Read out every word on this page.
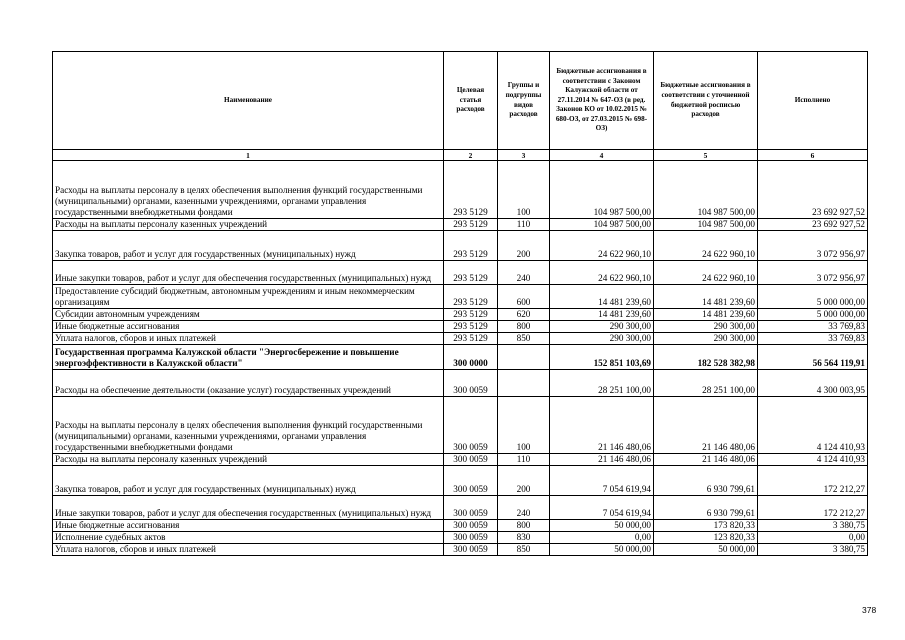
Наименование	Целевая статья расходов	Группы и подгруппы видов расходов	Бюджетные ассигнования в соответствии с Законом Калужской области от 27.11.2014 № 647-ОЗ (в ред. Законов КО от 10.02.2015 № 680-ОЗ, от 27.03.2015 № 698-ОЗ)	Бюджетные ассигнования в соответствии с уточненной бюджетной росписью расходов	Исполнено
1	2	3	4	5	6
Расходы на выплаты персоналу в целях обеспечения выполнения функций государственными (муниципальными) органами, казенными учреждениями, органами управления государственными внебюджетными фондами	293 5129	100	104 987 500,00	104 987 500,00	23 692 927,52
Расходы на выплаты персоналу казенных учреждений	293 5129	110	104 987 500,00	104 987 500,00	23 692 927,52
Закупка товаров, работ и услуг для государственных (муниципальных) нужд	293 5129	200	24 622 960,10	24 622 960,10	3 072 956,97
Иные закупки товаров, работ и услуг для обеспечения государственных (муниципальных) нужд	293 5129	240	24 622 960,10	24 622 960,10	3 072 956,97
Предоставление субсидий бюджетным, автономным учреждениям и иным некоммерческим организациям	293 5129	600	14 481 239,60	14 481 239,60	5 000 000,00
Субсидии автономным учреждениям	293 5129	620	14 481 239,60	14 481 239,60	5 000 000,00
Иные бюджетные ассигнования	293 5129	800	290 300,00	290 300,00	33 769,83
Уплата налогов, сборов и иных платежей	293 5129	850	290 300,00	290 300,00	33 769,83
Государственная программа Калужской области "Энергосбережение и повышение энергоэффективности в Калужской области"	300 0000		152 851 103,69	182 528 382,98	56 564 119,91
Расходы на обеспечение деятельности (оказание услуг) государственных учреждений	300 0059		28 251 100,00	28 251 100,00	4 300 003,95
Расходы на выплаты персоналу в целях обеспечения выполнения функций государственными (муниципальными) органами, казенными учреждениями, органами управления государственными внебюджетными фондами	300 0059	100	21 146 480,06	21 146 480,06	4 124 410,93
Расходы на выплаты персоналу казенных учреждений	300 0059	110	21 146 480,06	21 146 480,06	4 124 410,93
Закупка товаров, работ и услуг для государственных (муниципальных) нужд	300 0059	200	7 054 619,94	6 930 799,61	172 212,27
Иные закупки товаров, работ и услуг для обеспечения государственных (муниципальных) нужд	300 0059	240	7 054 619,94	6 930 799,61	172 212,27
Иные бюджетные ассигнования	300 0059	800	50 000,00	173 820,33	3 380,75
Исполнение судебных актов	300 0059	830	0,00	123 820,33	0,00
Уплата налогов, сборов и иных платежей	300 0059	850	50 000,00	50 000,00	3 380,75
378
